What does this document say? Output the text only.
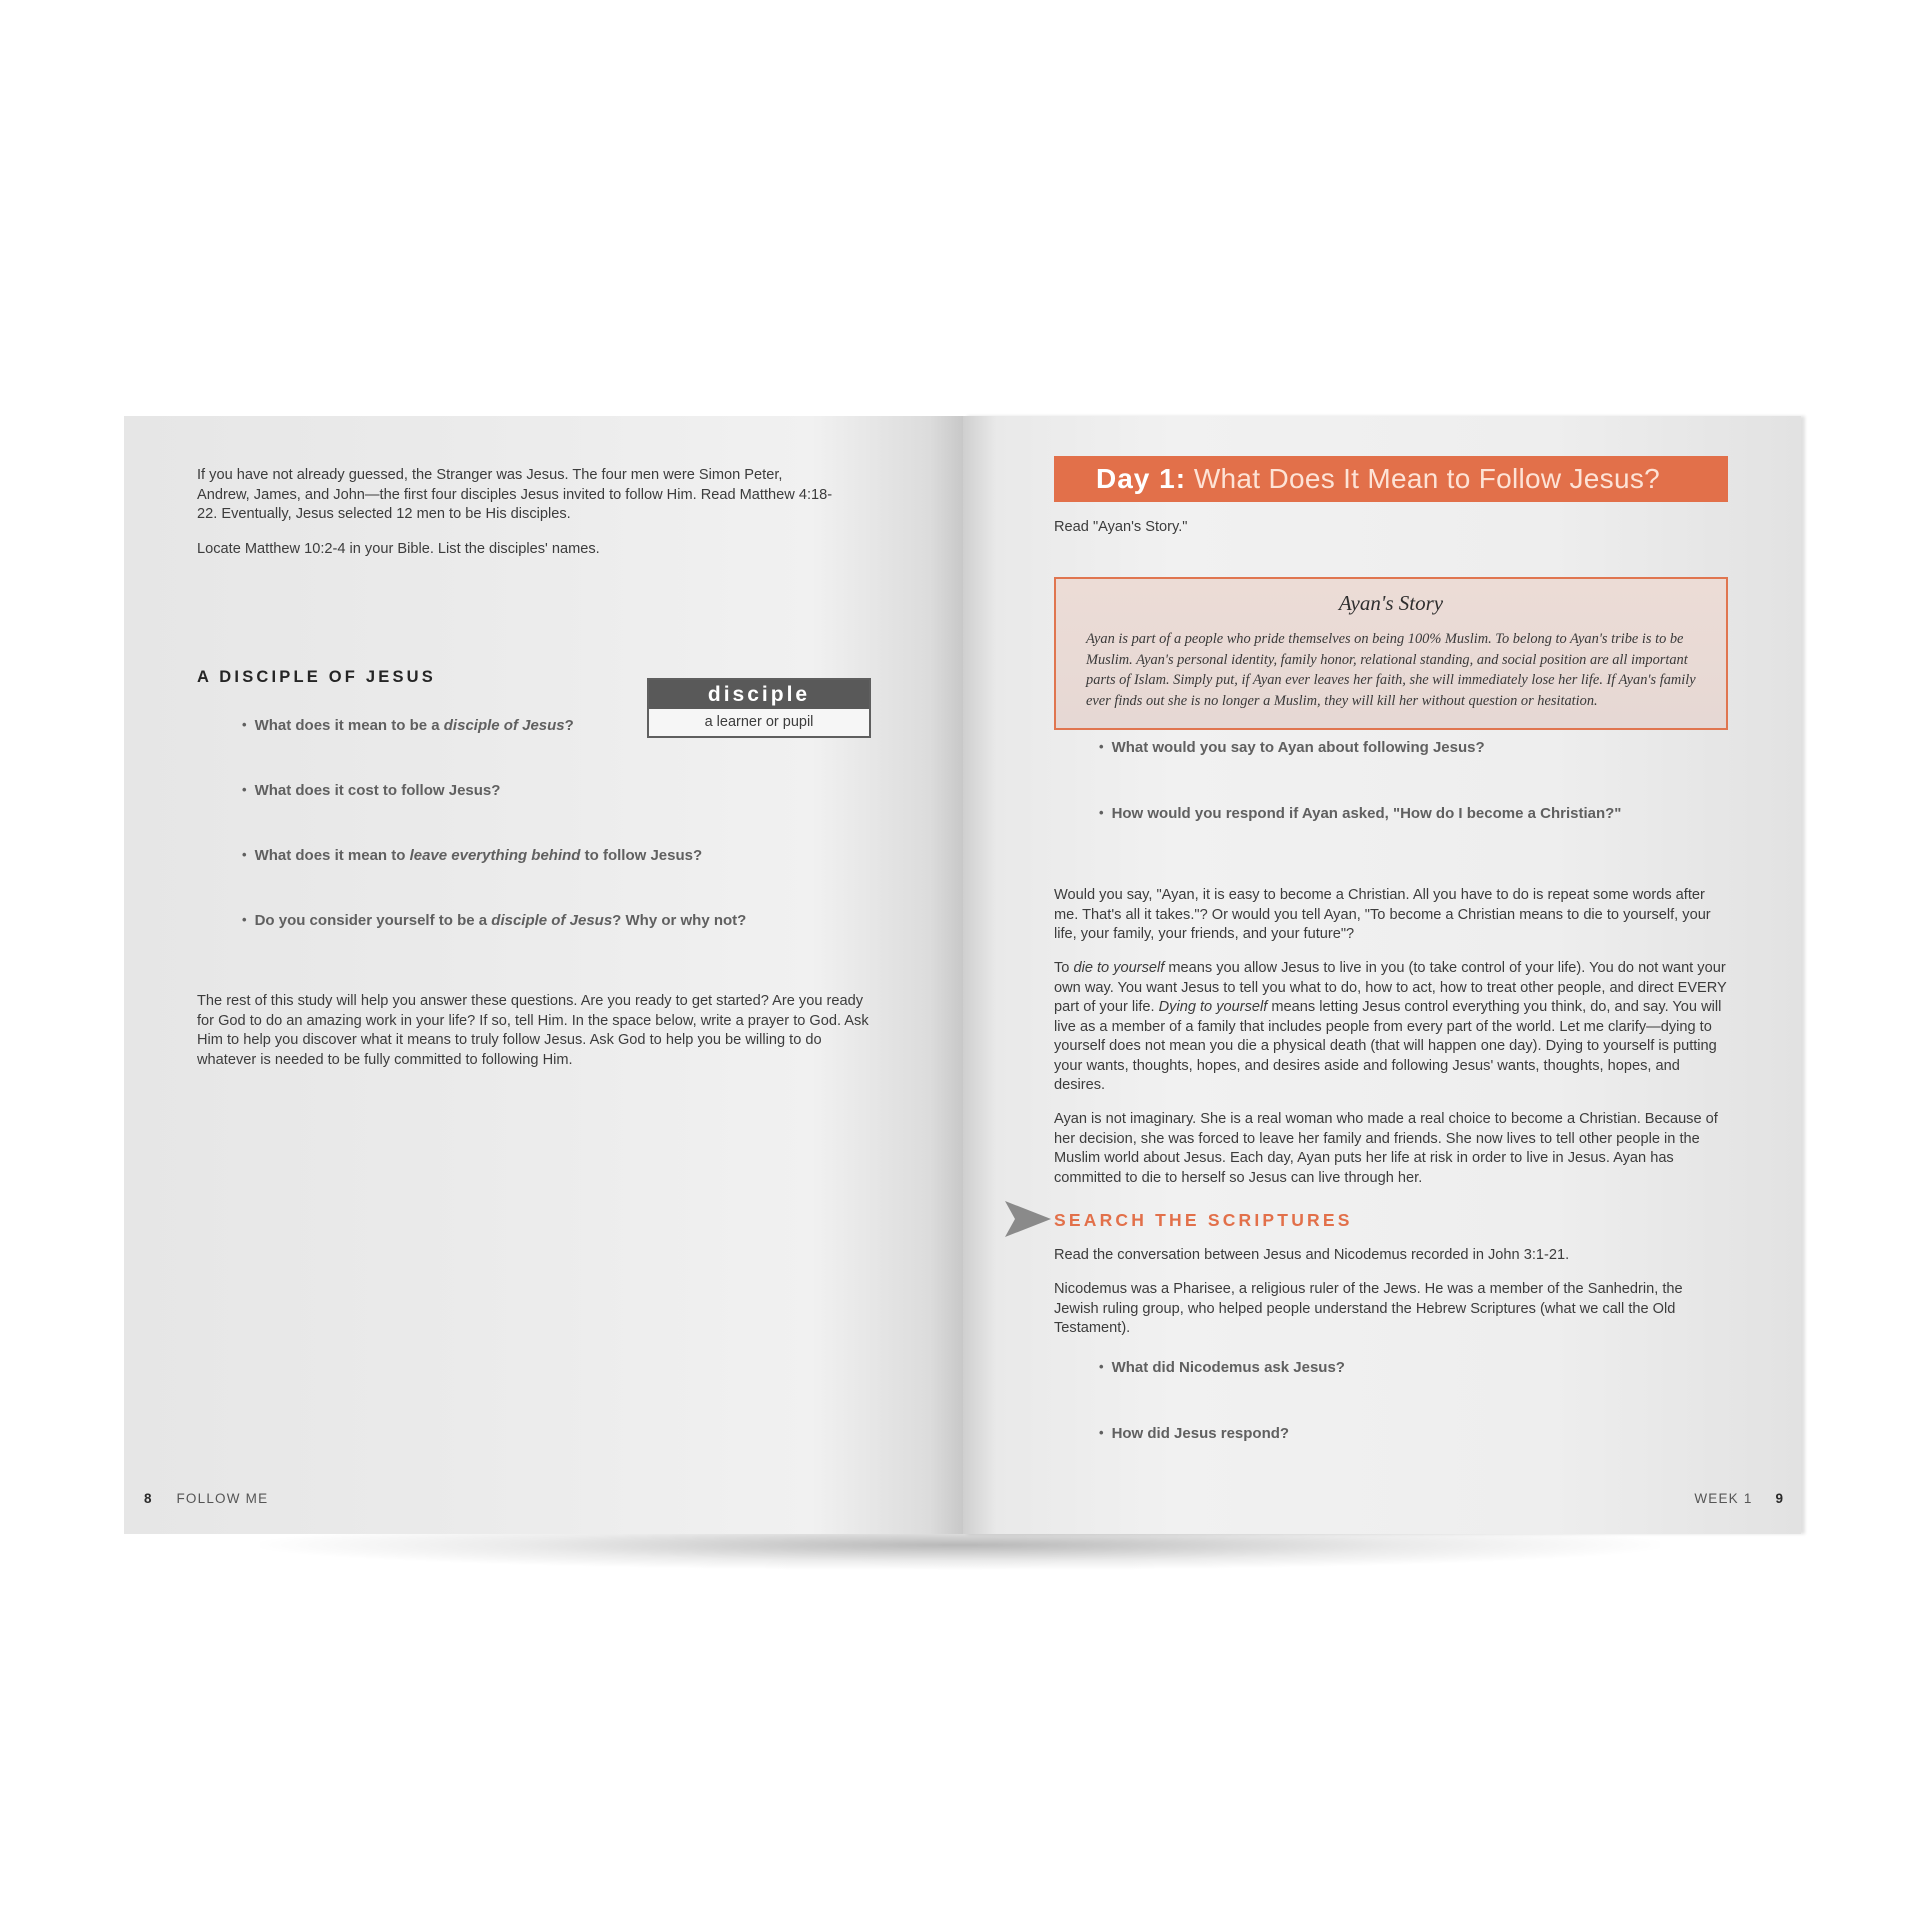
If you have not already guessed, the Stranger was Jesus. The four men were Simon Peter, Andrew, James, and John—the first four disciples Jesus invited to follow Him. Read Matthew 4:18-22. Eventually, Jesus selected 12 men to be His disciples.

Locate Matthew 10:2-4 in your Bible. List the disciples' names.

A DISCIPLE OF JESUS
disciple
a learner or pupil
• What does it mean to be a disciple of Jesus?
• What does it cost to follow Jesus?
• What does it mean to leave everything behind to follow Jesus?
• Do you consider yourself to be a disciple of Jesus? Why or why not?

The rest of this study will help you answer these questions. Are you ready to get started? Are you ready for God to do an amazing work in your life? If so, tell Him. In the space below, write a prayer to God. Ask Him to help you discover what it means to truly follow Jesus. Ask God to help you be willing to do whatever is needed to be fully committed to following Him.

8 FOLLOW ME
Day 1: What Does It Mean to Follow Jesus?

Read "Ayan's Story."

Ayan's Story

Ayan is part of a people who pride themselves on being 100% Muslim. To belong to Ayan's tribe is to be Muslim. Ayan's personal identity, family honor, relational standing, and social position are all important parts of Islam. Simply put, if Ayan ever leaves her faith, she will immediately lose her life. If Ayan's family ever finds out she is no longer a Muslim, they will kill her without question or hesitation.

• What would you say to Ayan about following Jesus?
• How would you respond if Ayan asked, "How do I become a Christian?"

Would you say, "Ayan, it is easy to become a Christian. All you have to do is repeat some words after me. That's all it takes."? Or would you tell Ayan, "To become a Christian means to die to yourself, your life, your family, your friends, and your future"?

To die to yourself means you allow Jesus to live in you (to take control of your life). You do not want your own way. You want Jesus to tell you what to do, how to act, how to treat other people, and direct EVERY part of your life. Dying to yourself means letting Jesus control everything you think, do, and say. You will live as a member of a family that includes people from every part of the world. Let me clarify—dying to yourself does not mean you die a physical death (that will happen one day). Dying to yourself is putting your wants, thoughts, hopes, and desires aside and following Jesus' wants, thoughts, hopes, and desires.

Ayan is not imaginary. She is a real woman who made a real choice to become a Christian. Because of her decision, she was forced to leave her family and friends. She now lives to tell other people in the Muslim world about Jesus. Each day, Ayan puts her life at risk in order to live in Jesus. Ayan has committed to die to herself so Jesus can live through her.

SEARCH THE SCRIPTURES

Read the conversation between Jesus and Nicodemus recorded in John 3:1-21.

Nicodemus was a Pharisee, a religious ruler of the Jews. He was a member of the Sanhedrin, the Jewish ruling group, who helped people understand the Hebrew Scriptures (what we call the Old Testament).

• What did Nicodemus ask Jesus?
• How did Jesus respond?
WEEK 1 9
